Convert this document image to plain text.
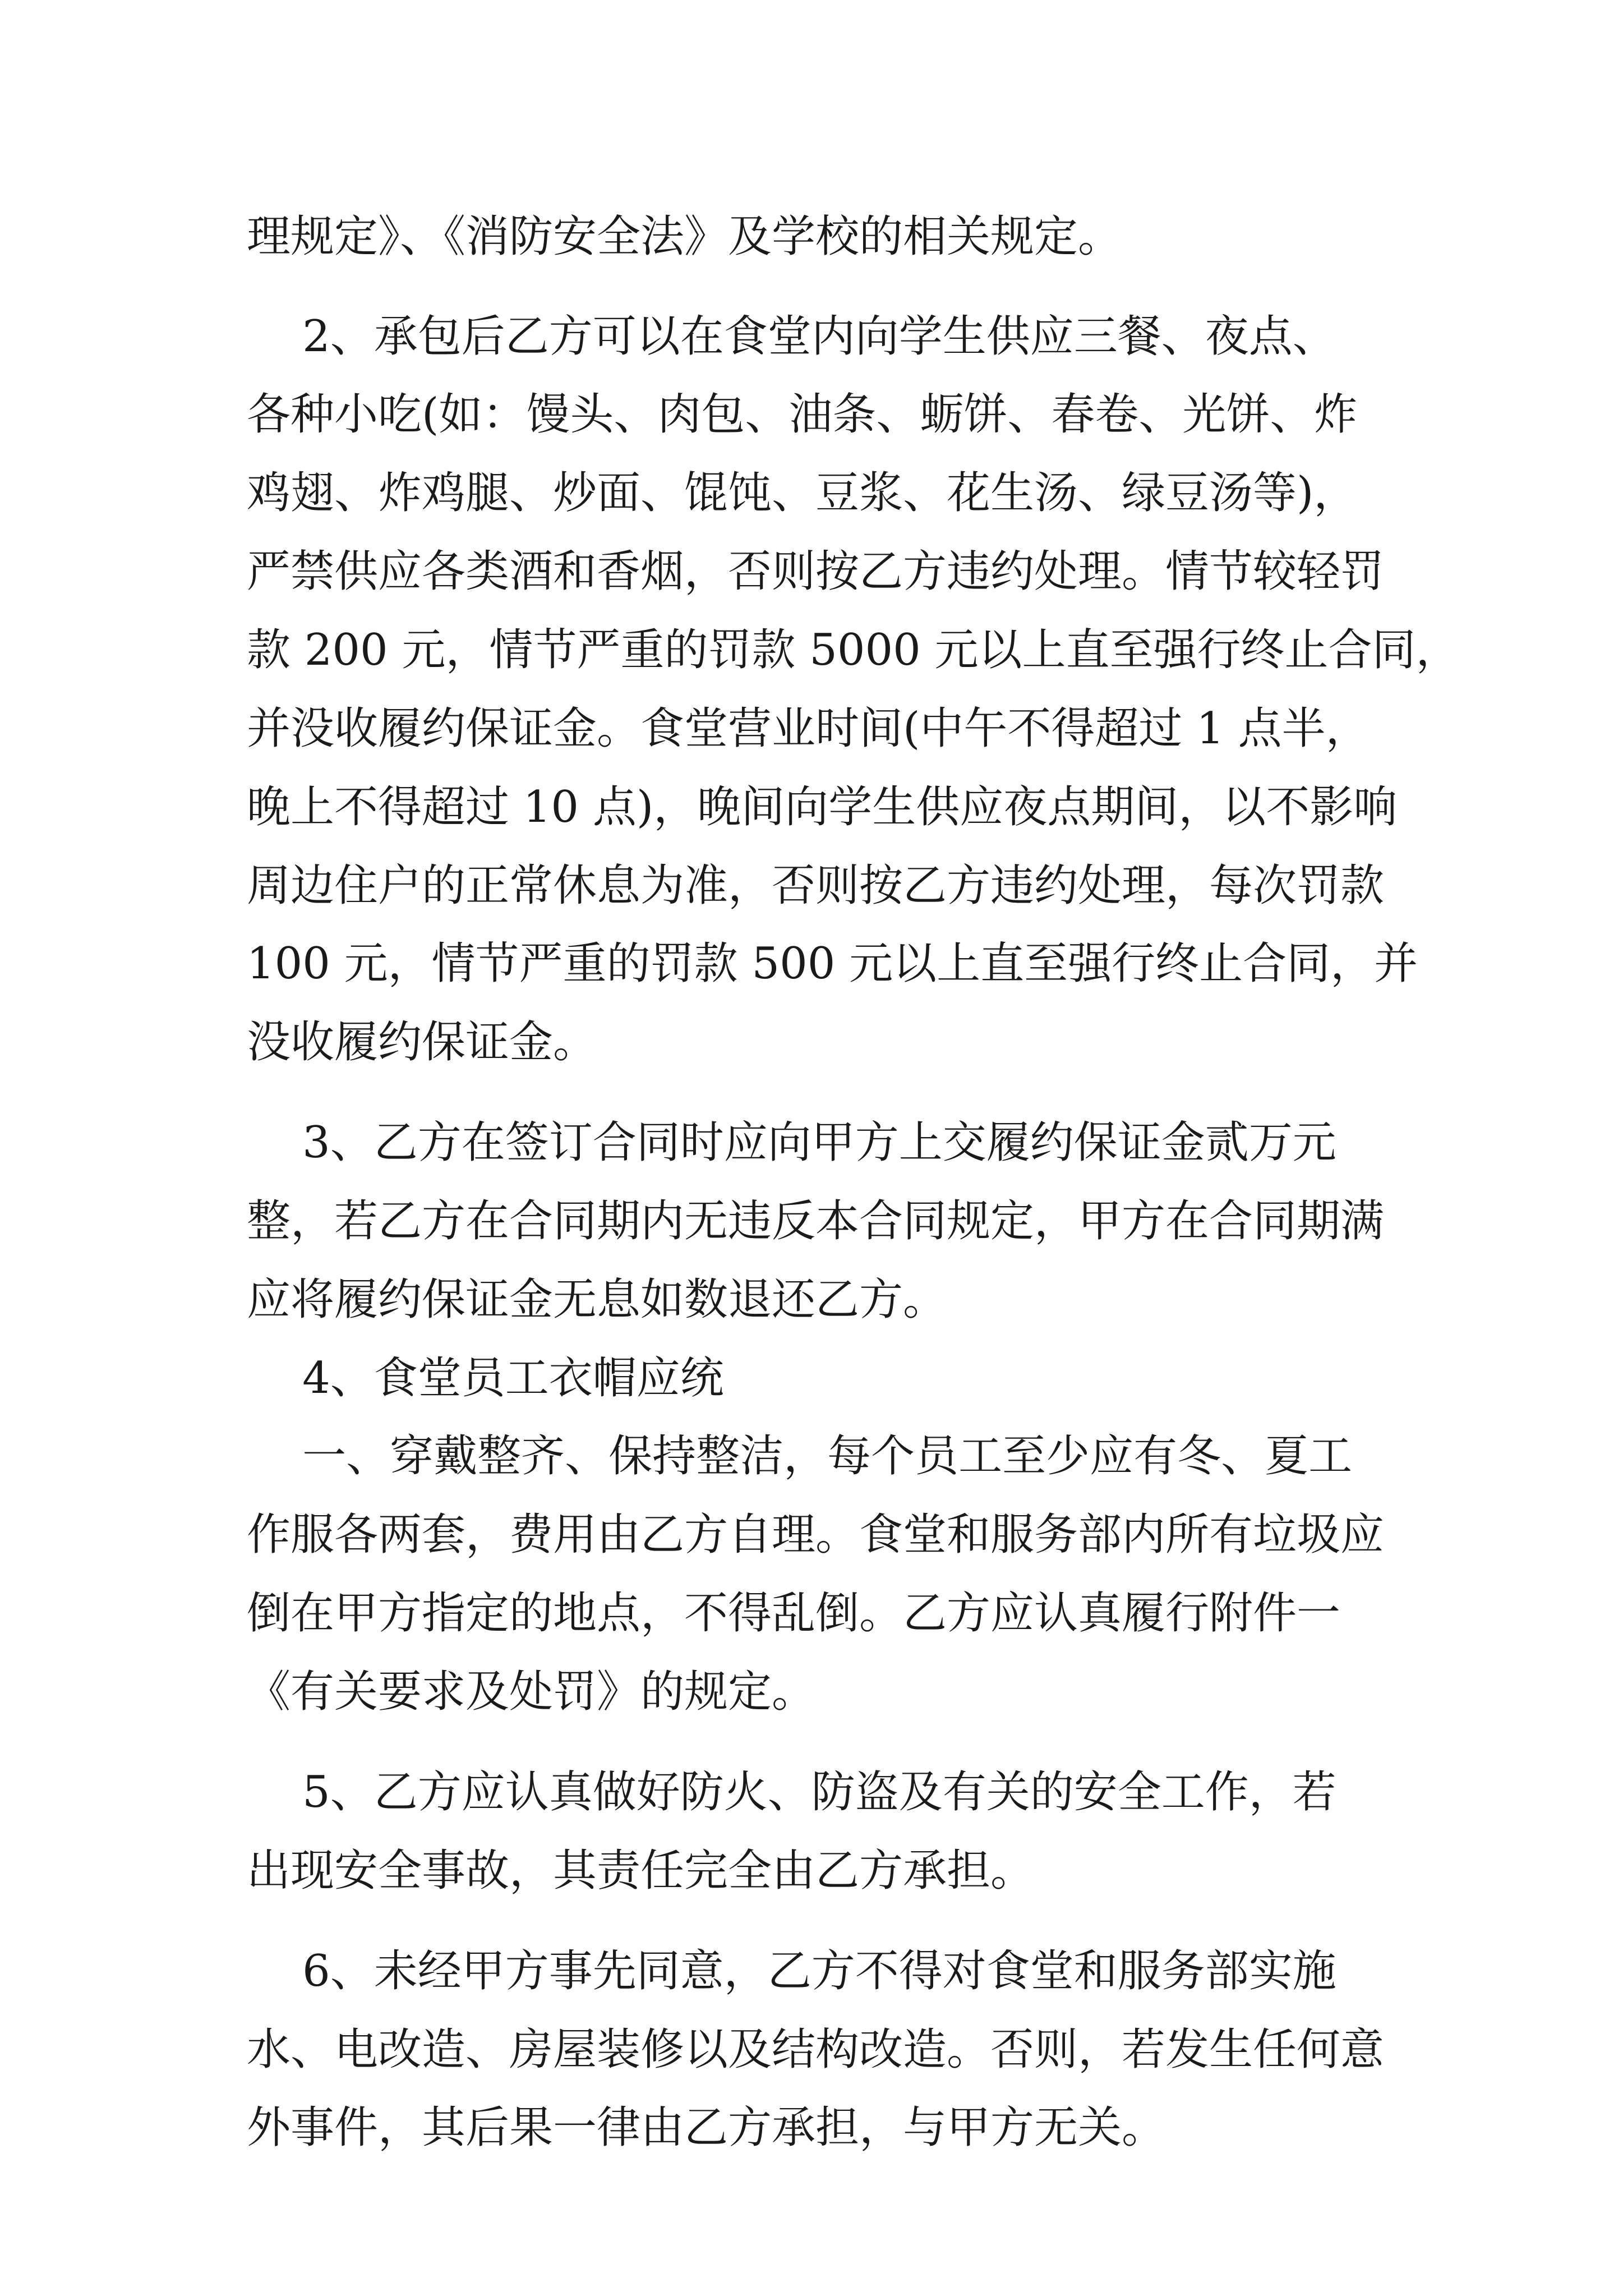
理规定》、《消防安全法》及学校的相关规定。
2、承包后乙方可以在食堂内向学生供应三餐、夜点、
各种小吃(如：馒头、肉包、油条、蛎饼、春卷、光饼、炸
鸡翅、炸鸡腿、炒面、馄饨、豆浆、花生汤、绿豆汤等)，
严禁供应各类酒和香烟，否则按乙方违约处理。情节较轻罚
款 200 元，情节严重的罚款 5000 元以上直至强行终止合同，
并没收履约保证金。食堂营业时间(中午不得超过 1 点半，
晚上不得超过 10 点)，晚间向学生供应夜点期间，以不影响
周边住户的正常休息为准，否则按乙方违约处理，每次罚款
100 元，情节严重的罚款 500 元以上直至强行终止合同，并
没收履约保证金。
3、乙方在签订合同时应向甲方上交履约保证金贰万元
整，若乙方在合同期内无违反本合同规定，甲方在合同期满
应将履约保证金无息如数退还乙方。
4、食堂员工衣帽应统
一、穿戴整齐、保持整洁，每个员工至少应有冬、夏工
作服各两套，费用由乙方自理。食堂和服务部内所有垃圾应
倒在甲方指定的地点，不得乱倒。乙方应认真履行附件一
《有关要求及处罚》的规定。
5、乙方应认真做好防火、防盗及有关的安全工作，若
出现安全事故，其责任完全由乙方承担。
6、未经甲方事先同意，乙方不得对食堂和服务部实施
水、电改造、房屋装修以及结构改造。否则，若发生任何意
外事件，其后果一律由乙方承担，与甲方无关。
